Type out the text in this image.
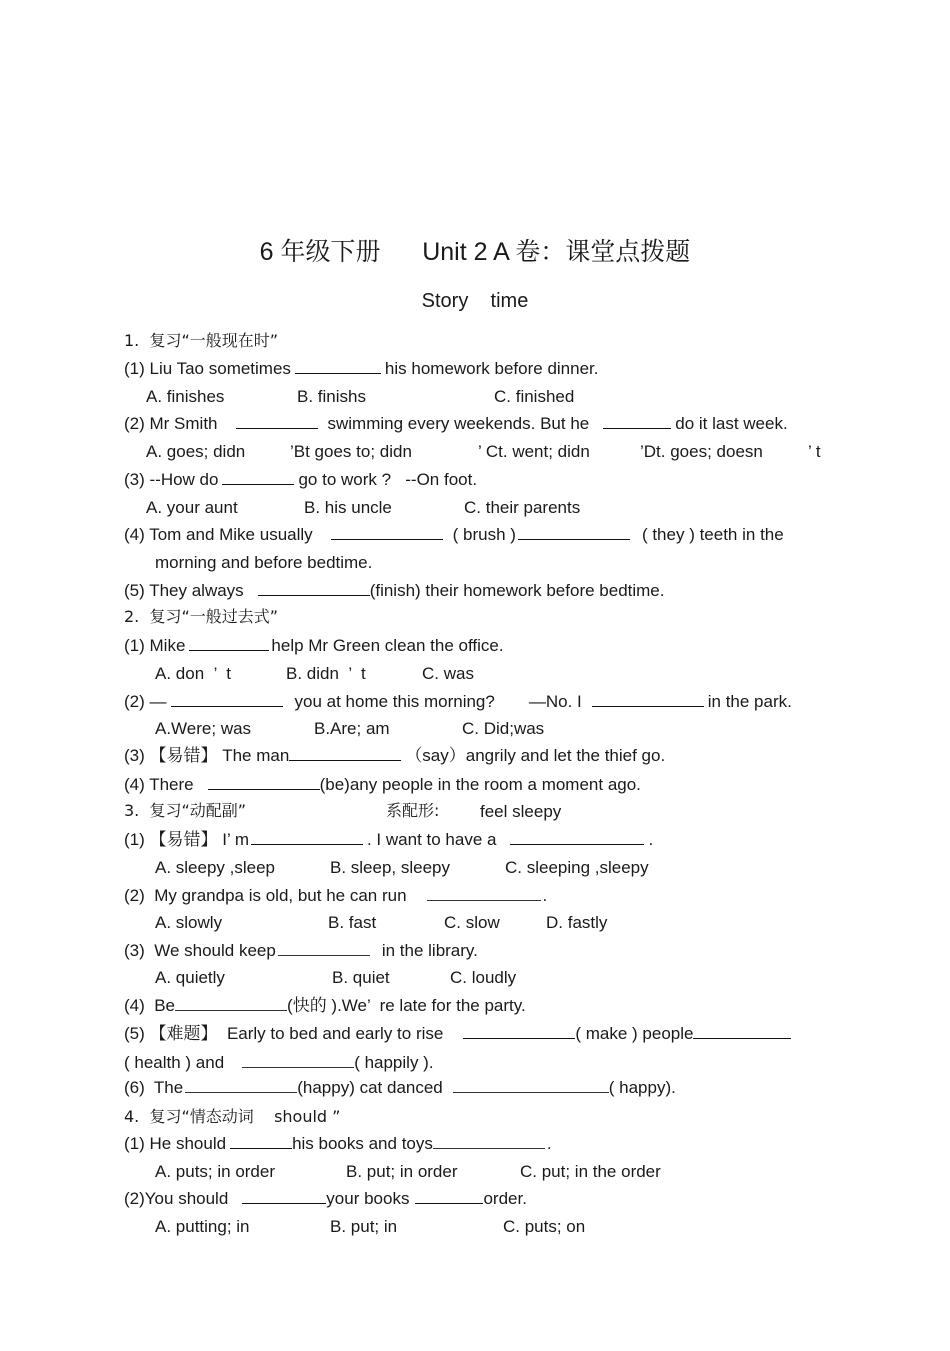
6 年级下册      Unit 2 A 卷：课堂点拨题
Story    time
1.  复习“一般现在时”
(1) Liu Tao sometimes	his homework before dinner.
A. finishes	B. finishs	C. finished
(2) Mr Smith	swimming every weekends. But he	do it last week.
A. goes; didn	’Bt goes to; didn	’ Ct. went; didn	’Dt. goes; doesn	’ t
(3) --How do	go to work ?   --On foot.
A. your aunt	B. his uncle	C. their parents
(4) Tom and Mike usually	( brush )	( they ) teeth in the
morning and before bedtime.
(5) They always	(finish) their homework before bedtime.
2.  复习“一般过去式”
(1) Mike	help Mr Green clean the office.
A. don  ’  t	B. didn  ’  t	C. was
(2) —	you at home this morning? —No. I	in the park.
A.Were; was	B.Are; am	C. Did;was
(3) 【易错】 The man	（say）angrily and let the thief go.
(4) There	(be)any people in the room a moment ago.
3.  复习“动配副”	系配形: feel sleepy
(1) 【易错】 I’ m	. I want to have a	.
A. sleepy ,sleep	B. sleep, sleepy	C. sleeping ,sleepy
(2)  My grandpa is old, but he can run	.
A. slowly	B. fast	C. slow	D. fastly
(3)  We should keep	in the library.
A. quietly	B. quiet	C. loudly
(4)  Be	(快的 ).We’  re late for the party.
(5) 【难题】  Early to bed and early to rise	( make ) people
( health ) and	( happily ).
(6)  The	(happy) cat danced	( happy).
4.  复习“情态动词    should ”
(1) He should	his books and toys	.
A. puts; in order	B. put; in order	C. put; in the order
(2)You should	your books	order.
A. putting; in	B. put; in	C. puts; on
